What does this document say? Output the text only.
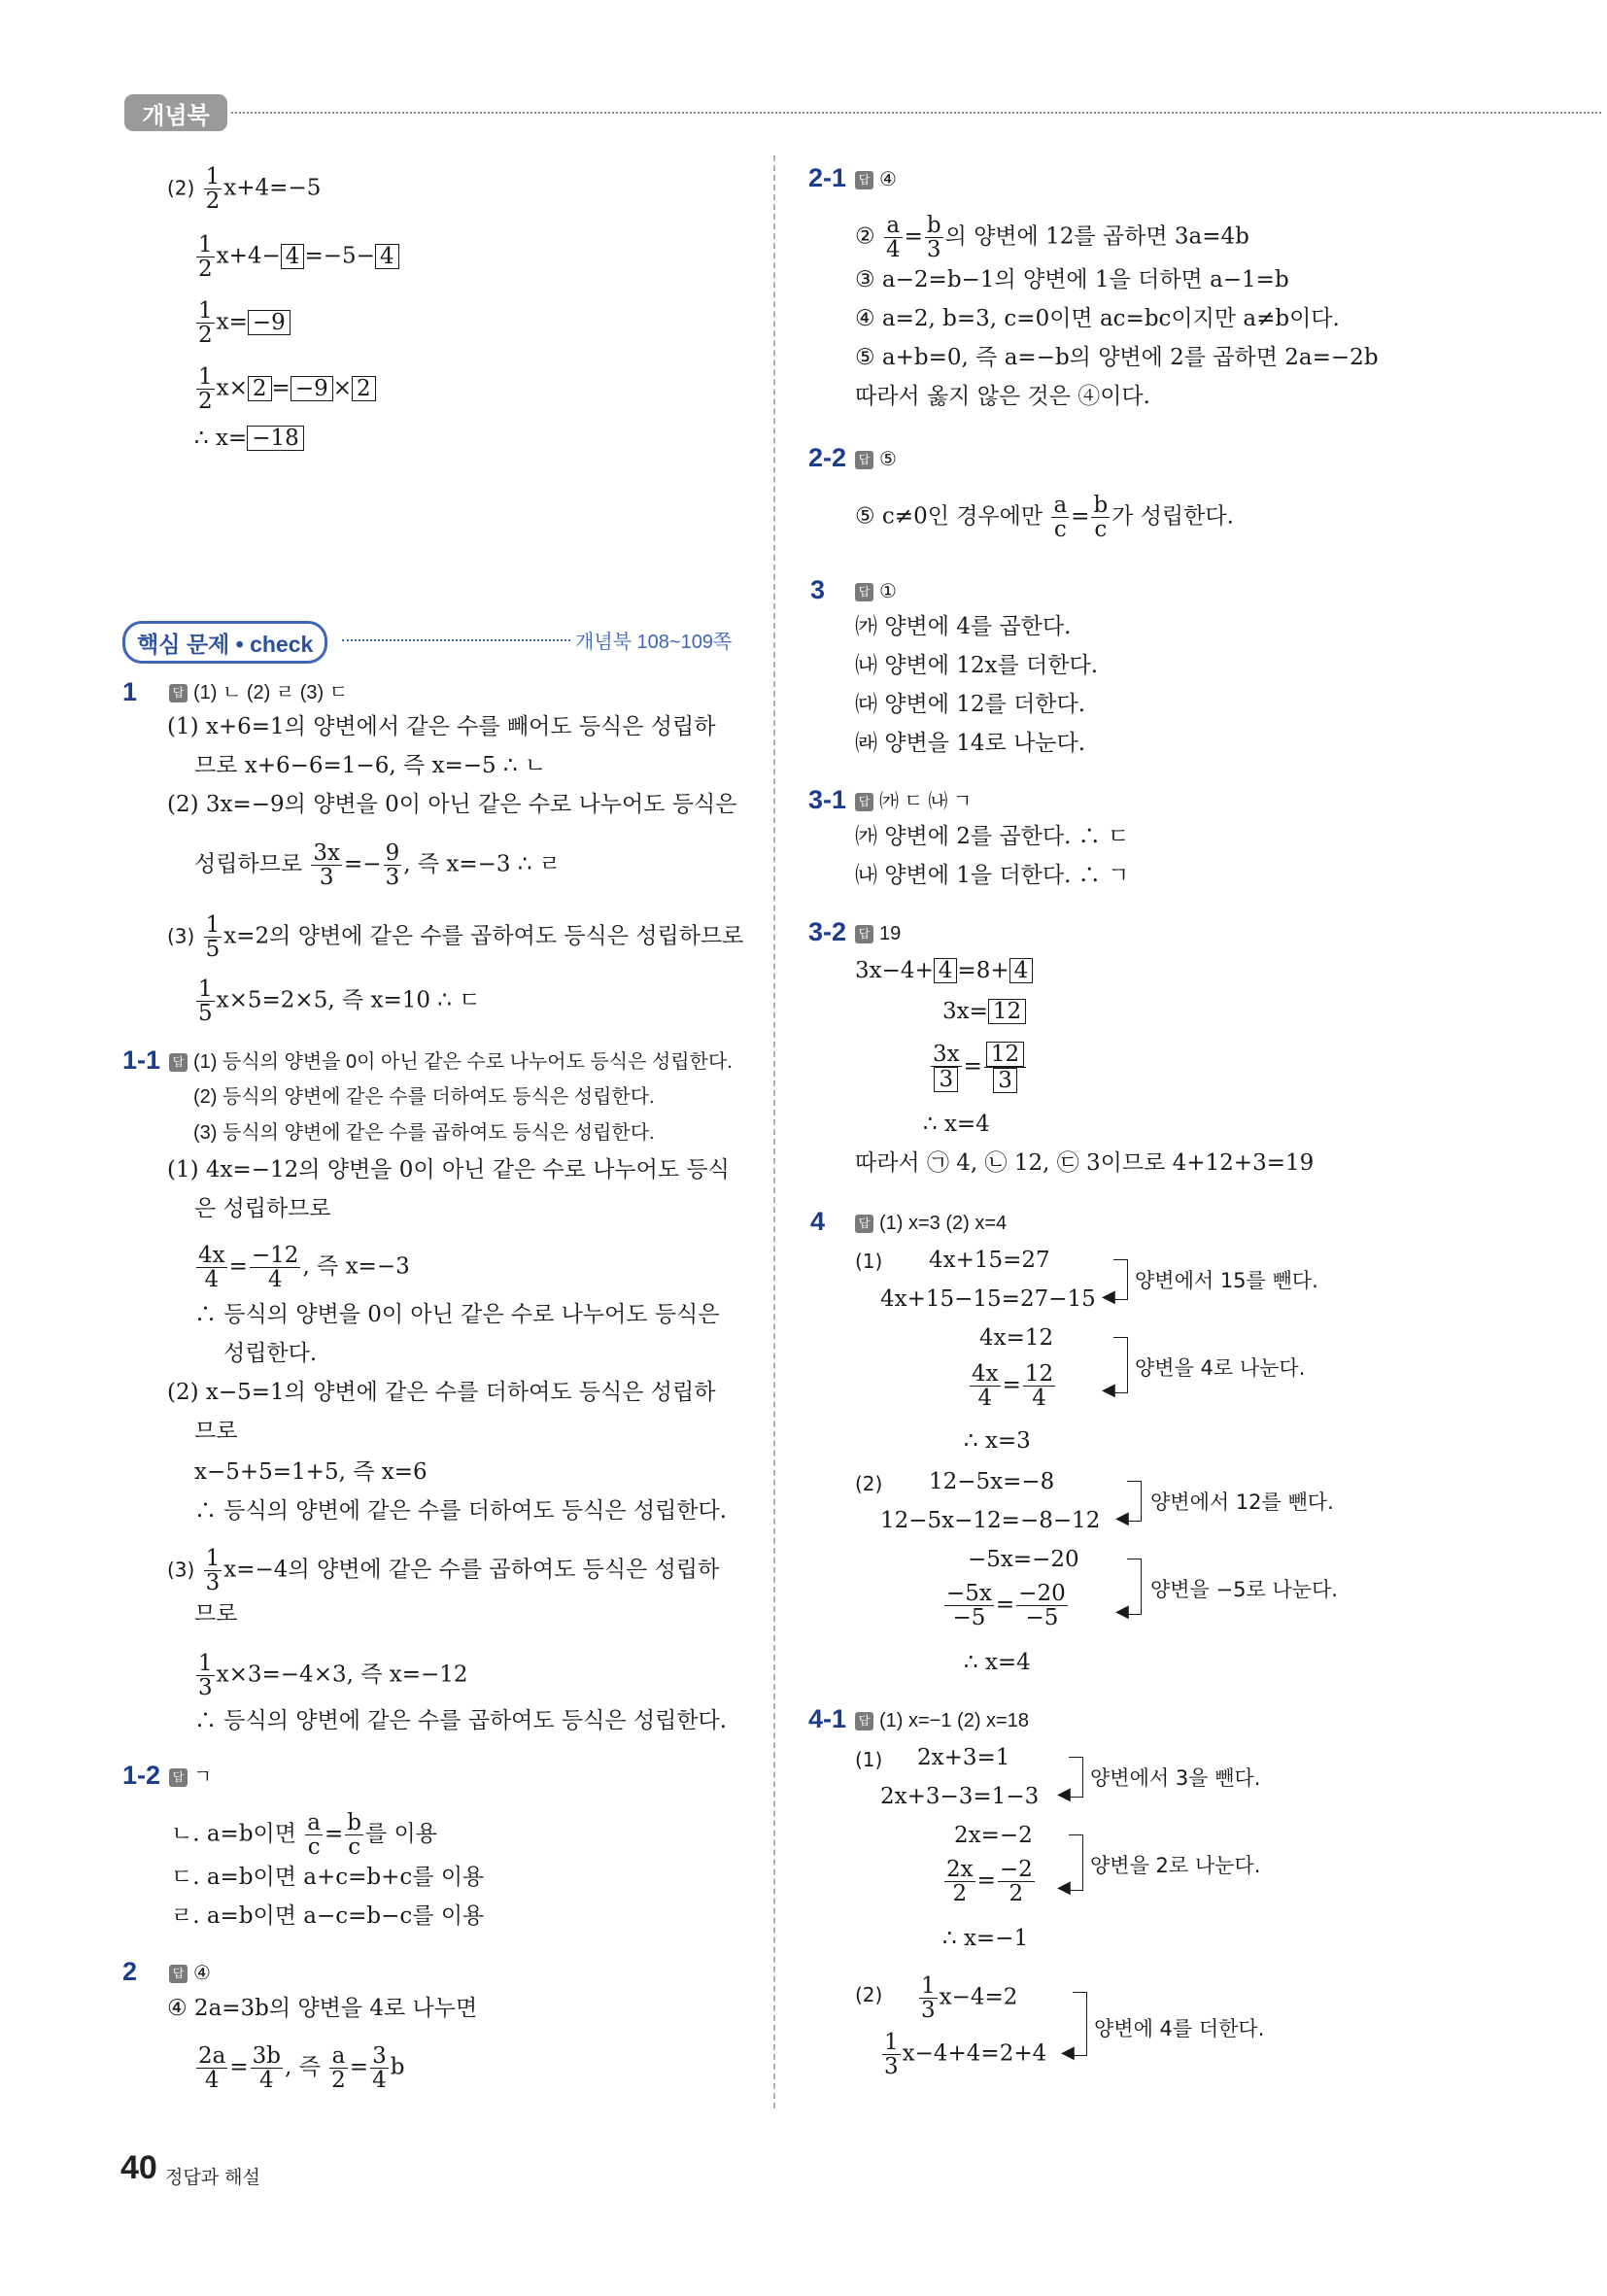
개념북
$(2) \frac{1}{2} x+4=-5$
$\frac{1}{2} x+4- 4 =-5- 4$
$\frac{1}{2} x= -9$
$\frac{1}{2} x\times 2 = -9 \times 2$
∴ x= −18
핵심 문제 • check	개념북 108~109쪽
1	답 (1) ㄴ (2) ㄹ (3) ㄷ
(1) x+6=1의 양변에서 같은 수를 빼어도 등식은 성립하
므로 x+6−6=1−6, 즉 x=−5 ∴ ㄴ
(2) 3x=−9의 양변을 0이 아닌 같은 수로 나누어도 등식은
성립하므로 $\frac{3x}{3} =- \frac{9}{3}$ , 즉 x=−3 ∴ ㄹ
$(3) \frac{1}{5} x=2$의 양변에 같은 수를 곱하여도 등식은 성립하므로
$\frac{1}{5} x\times 5=2\times 5$, 즉 x=10 ∴ ㄷ
1-1	답 (1) 등식의 양변을 0이 아닌 같은 수로 나누어도 등식은 성립한다.
(2) 등식의 양변에 같은 수를 더하여도 등식은 성립한다.
(3) 등식의 양변에 같은 수를 곱하여도 등식은 성립한다.
(1) 4x=−12의 양변을 0이 아닌 같은 수로 나누어도 등식
은 성립하므로
$\frac{4x}{4} = \frac{-12}{4}$ , 즉 x=−3
∴ 등식의 양변을 0이 아닌 같은 수로 나누어도 등식은
성립한다.
(2) x−5=1의 양변에 같은 수를 더하여도 등식은 성립하
므로
x−5+5=1+5, 즉 x=6
∴ 등식의 양변에 같은 수를 더하여도 등식은 성립한다.
$(3) \frac{1}{3} x=-4$의 양변에 같은 수를 곱하여도 등식은 성립하
므로
$\frac{1}{3} x\times 3=-4\times 3$, 즉 x=−12
∴ 등식의 양변에 같은 수를 곱하여도 등식은 성립한다.
1-2	답 ㄱ
ㄴ. a=b이면 $\frac{a}{c} = \frac{b}{c}$ 를 이용
ㄷ. a=b이면 a+c=b+c를 이용
ㄹ. a=b이면 a−c=b−c를 이용
2	답 ④
④ 2a=3b의 양변을 4로 나누면
$\frac{2a}{4} = \frac{3b}{4}$ , 즉 $\frac{a}{2} = \frac{3}{4}$ b
2-1	답 ④
② $\frac{a}{4} = \frac{b}{3}$ 의 양변에 12를 곱하면 3a=4b
③ a−2=b−1의 양변에 1을 더하면 a−1=b
④ a=2, b=3, c=0이면 ac=bc이지만 a≠b이다.
⑤ a+b=0, 즉 a=−b의 양변에 2를 곱하면 2a=−2b
따라서 옳지 않은 것은 ④이다.
2-2	답 ⑤
⑤ c≠0인 경우에만 $\frac{a}{c} = \frac{b}{c}$ 가 성립한다.
3	답 ①
㈎ 양변에 4를 곱한다.
㈏ 양변에 12x를 더한다.
㈐ 양변에 12를 더한다.
㈑ 양변을 14로 나눈다.
3-1	답 ㈎ ㄷ ㈏ ㄱ
㈎ 양변에 2를 곱한다. ∴ ㄷ
㈏ 양변에 1을 더한다. ∴ ㄱ
3-2	답 19
3x−4+ 4 =8+ 4
3x= 12
$\frac{3x}{3} = \frac{12}{3}$
∴ x=4
따라서 ㉠ 4, ㉡ 12, ㉢ 3이므로 4+12+3=19
4	답 (1) x=3 (2) x=4
(1) 4x+15=27
4x+15−15=27−15 ◀
양변에서 15를 뺀다.
4x=12
$\frac{4x}{4} = \frac{12}{4}$	◀
양변을 4로 나눈다.
∴ x=3
(2) 12−5x=−8
12−5x−12=−8−12 ◀
양변에서 12를 뺀다.
−5x=−20
$\frac{-5x}{-5} = \frac{-20}{-5}$	◀
양변을 −5로 나눈다.
∴ x=4
4-1	답 (1) x=−1 (2) x=18
(1) 2x+3=1
2x+3−3=1−3 ◀
양변에서 3을 뺀다.
2x=−2
$\frac{2x}{2} = \frac{-2}{2}$ ◀
양변을 2로 나눈다.
∴ x=−1
$(2) \frac{1}{3} x-4=2$
$\frac{1}{3} x-4+4=2+4$ ◀
양변에 4를 더한다.
40 정답과 해설
